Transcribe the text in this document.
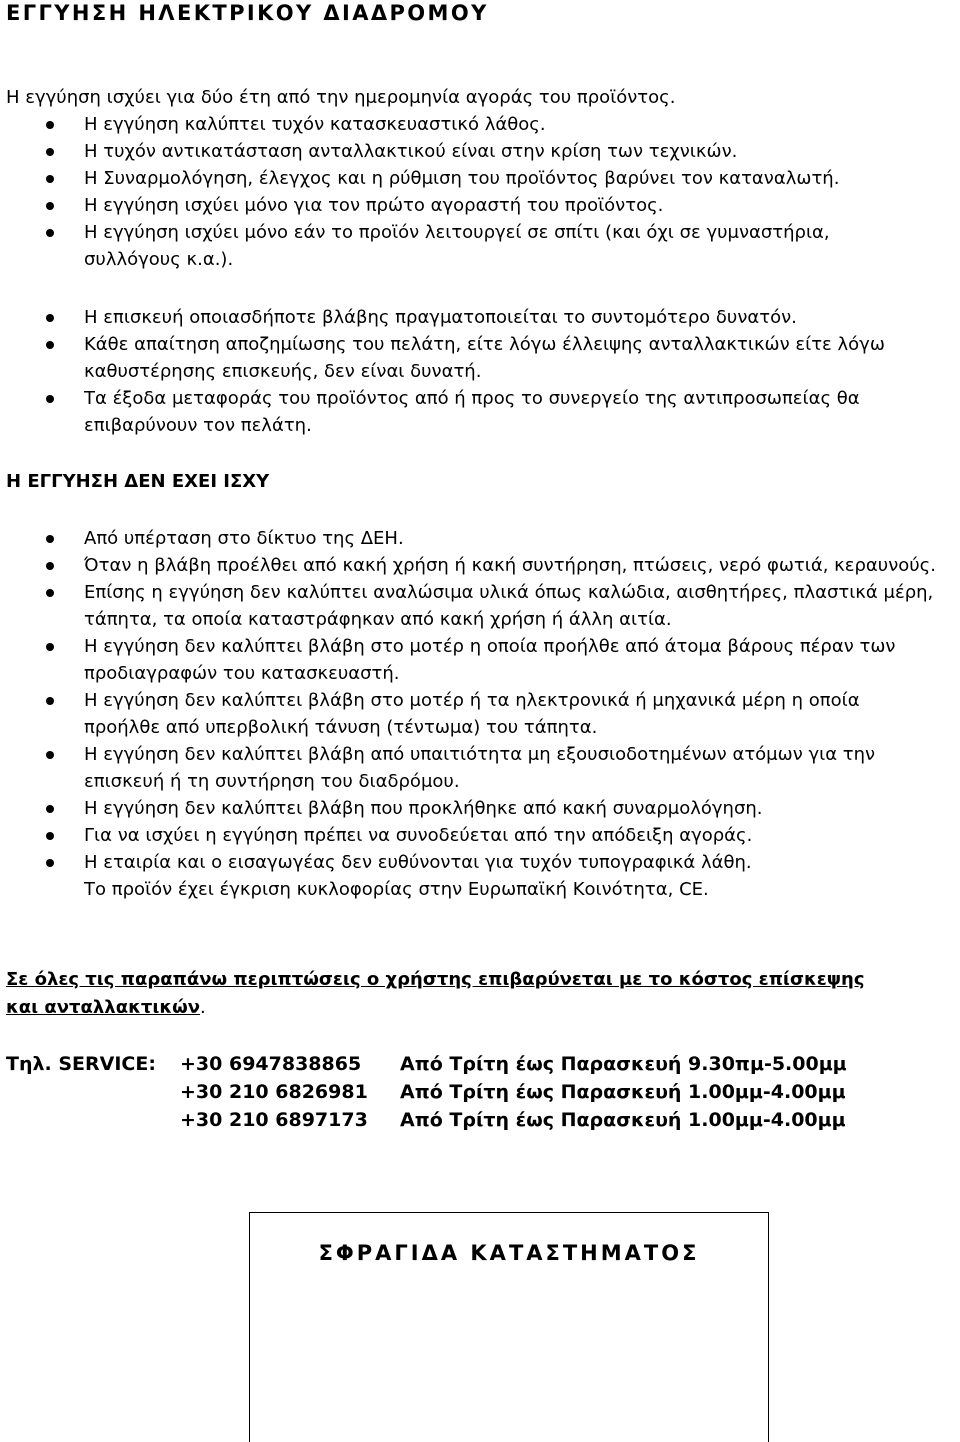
ΕΓΓΥΗΣΗ ΗΛΕΚΤΡΙΚΟΥ ΔΙΑΔΡΟΜΟΥ

Η εγγύηση ισχύει για δύο έτη από την ημερομηνία αγοράς του προϊόντος.

Η εγγύηση καλύπτει τυχόν κατασκευαστικό λάθος.
Η τυχόν αντικατάσταση ανταλλακτικού είναι στην κρίση των τεχνικών.
Η Συναρμολόγηση, έλεγχος και η ρύθμιση του προϊόντος βαρύνει τον καταναλωτή.
Η εγγύηση ισχύει μόνο για τον πρώτο αγοραστή του προϊόντος.
Η εγγύηση ισχύει μόνο εάν το προϊόν λειτουργεί σε σπίτι (και όχι σε γυμναστήρια, συλλόγους κ.α.).
Η επισκευή οποιασδήποτε βλάβης πραγματοποιείται το συντομότερο δυνατόν.
Κάθε απαίτηση αποζημίωσης του πελάτη, είτε λόγω έλλειψης ανταλλακτικών είτε λόγω καθυστέρησης επισκευής, δεν είναι δυνατή.
Τα έξοδα μεταφοράς του προϊόντος από ή προς το συνεργείο της αντιπροσωπείας θα επιβαρύνουν τον πελάτη.
Η ΕΓΓΥΗΣΗ ΔΕΝ ΕΧΕΙ ΙΣΧΥ
Από υπέρταση στο δίκτυο της ΔΕΗ.
Όταν η βλάβη προέλθει από κακή χρήση ή κακή συντήρηση, πτώσεις, νερό φωτιά, κεραυνούς.
Επίσης η εγγύηση δεν καλύπτει αναλώσιμα υλικά όπως καλώδια, αισθητήρες, πλαστικά μέρη, τάπητα, τα οποία καταστράφηκαν από κακή χρήση ή άλλη αιτία.
Η εγγύηση δεν καλύπτει βλάβη στο μοτέρ η οποία προήλθε από άτομα βάρους πέραν των προδιαγραφών του κατασκευαστή.
Η εγγύηση δεν καλύπτει βλάβη στο μοτέρ ή τα ηλεκτρονικά ή μηχανικά μέρη η οποία προήλθε από υπερβολική τάνυση (τέντωμα) του τάπητα.
Η εγγύηση δεν καλύπτει βλάβη από υπαιτιότητα μη εξουσιοδοτημένων ατόμων για την επισκευή ή τη συντήρηση του διαδρόμου.
Η εγγύηση δεν καλύπτει βλάβη που προκλήθηκε από κακή συναρμολόγηση.
Για να ισχύει η εγγύηση πρέπει να συνοδεύεται από την απόδειξη αγοράς.
Η εταιρία και ο εισαγωγέας δεν ευθύνονται για τυχόν τυπογραφικά λάθη.
Το προϊόν έχει έγκριση κυκλοφορίας στην Ευρωπαϊκή Κοινότητα, CE.

Σε όλες τις παραπάνω περιπτώσεις ο χρήστης επιβαρύνεται με το κόστος επίσκεψης και ανταλλακτικών.

Τηλ. SERVICE: +30 6947838865 Από Τρίτη έως Παρασκευή 9.30πμ-5.00μμ
+30 210 6826981 Από Τρίτη έως Παρασκευή 1.00μμ-4.00μμ
+30 210 6897173 Από Τρίτη έως Παρασκευή 1.00μμ-4.00μμ
ΣΦΡΑΓΙΔΑ ΚΑΤΑΣΤΗΜΑΤΟΣ
